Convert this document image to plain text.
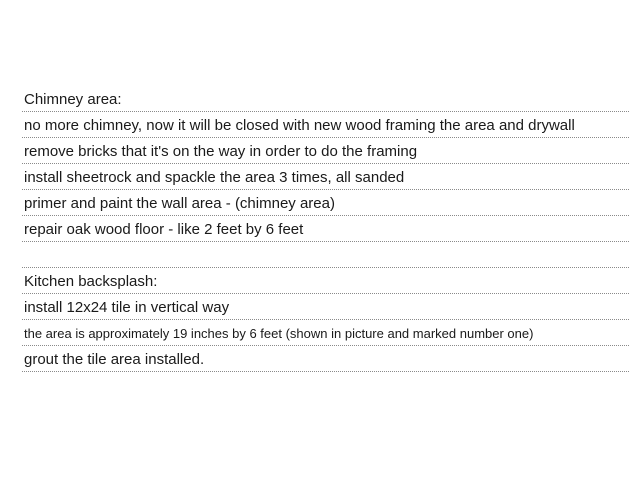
Chimney area:
no more chimney, now it will be closed with new wood framing the area and drywall
remove bricks that it's on the way in order to do the framing
install sheetrock and spackle the area 3 times, all sanded
primer and paint the wall area - (chimney area)
repair oak wood floor - like 2 feet by 6 feet
Kitchen backsplash:
install 12x24 tile in vertical way
the area is approximately 19 inches by 6 feet (shown in picture and marked number one)
grout the tile area installed.
